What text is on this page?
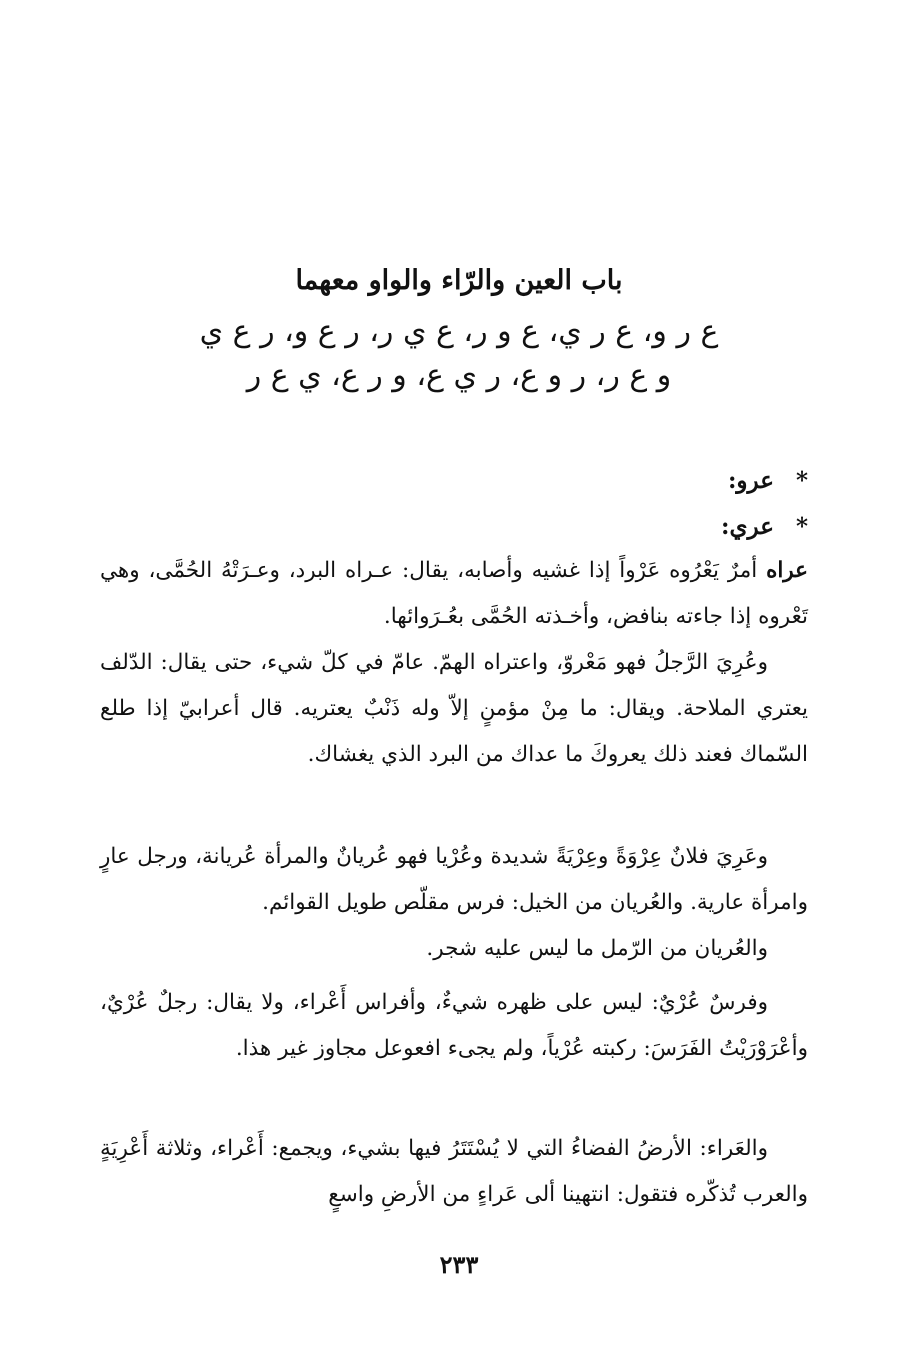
باب العين والرّاء والواو معهما
ع ر و، ع ر ي، ع و ر، ع ي ر، ر ع و، ر ع ي
و ع ر، ر و ع، ر ي ع، و ر ع، ي ع ر
* عرو:
* عري:

عراه أمرٌ يَعْرُوه عَرْواً إذا غشيه وأصابه، يقال: عـراه البرد، وعـرَتْهُ الحُمَّى، وهي تَعْروه إذا جاءته بنافض، وأخـذته الحُمَّى بعُـرَوائها.

وعُرِيَ الرَّجلُ فهو مَعْروّ، واعتراه الهمّ. عامّ في كلّ شيء، حتى يقال: الدّلف يعتري الملاحة. ويقال: ما مِنْ مؤمنٍ إلاّ وله ذَنْبٌ يعتريه. قال أعرابيّ إذا طلع السّماك فعند ذلك يعروكَ ما عداك من البرد الذي يغشاك.

وعَرِيَ فلانٌ عِرْوَةً وعِرْيَةً شديدة وعُرْيا فهو عُريانٌ والمرأة عُريانة، ورجل عارٍ وامرأة عارية. والعُريان من الخيل: فرس مقلّص طويل القوائم.

والعُريان من الرّمل ما ليس عليه شجر.

وفرسٌ عُرْيٌ: ليس على ظهره شيءٌ، وأفراس أَعْراء، ولا يقال: رجلٌ عُرْيٌ، وأعْرَوْرَيْتُ الفَرَسَ: ركبته عُرْياً، ولم يجىء افعوعل مجاوز غير هذا.

والعَراء: الأرضُ الفضاءُ التي لا يُسْتَتَرُ فيها بشيء، ويجمع: أَعْراء، وثلاثة أَعْرِيَةٍ والعرب تُذكّره فتقول: انتهينا ألى عَراءٍ من الأرضِ واسعٍ

٢٣٣
